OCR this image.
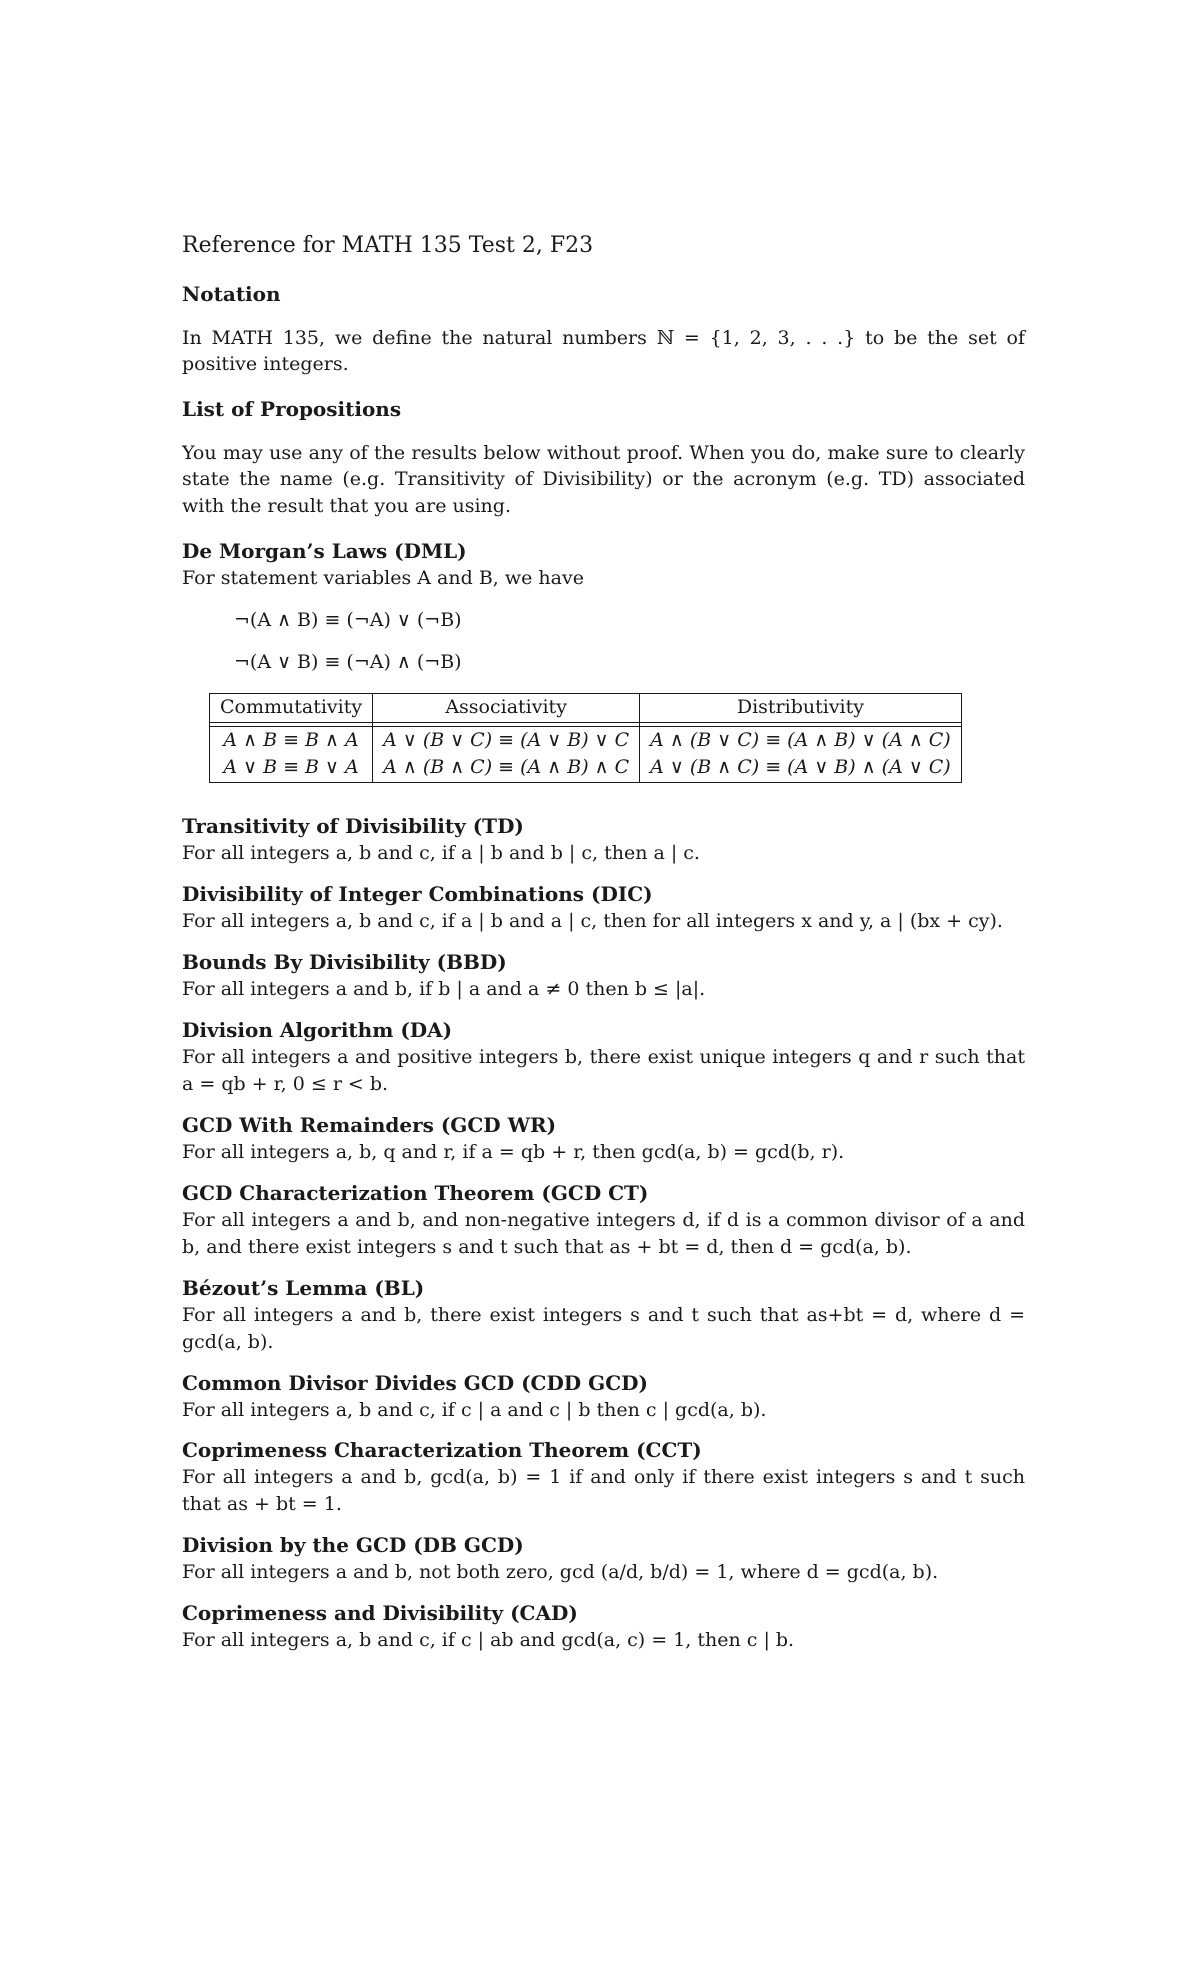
Reference for MATH 135 Test 2, F23
Notation
In MATH 135, we define the natural numbers ℕ = {1, 2, 3, . . .} to be the set of positive integers.
List of Propositions
You may use any of the results below without proof. When you do, make sure to clearly state the name (e.g. Transitivity of Divisibility) or the acronym (e.g. TD) associated with the result that you are using.
De Morgan’s Laws (DML)
For statement variables A and B, we have
¬(A ∧ B) ≡ (¬A) ∨ (¬B)
¬(A ∨ B) ≡ (¬A) ∧ (¬B)
Commutativity	Associativity	Distributivity

A ∧ B ≡ B ∧ A	A ∨ (B ∨ C) ≡ (A ∨ B) ∨ C	A ∧ (B ∨ C) ≡ (A ∧ B) ∨ (A ∧ C)
A ∨ B ≡ B ∨ A	A ∧ (B ∧ C) ≡ (A ∧ B) ∧ C	A ∨ (B ∧ C) ≡ (A ∨ B) ∧ (A ∨ C)
Transitivity of Divisibility (TD)
For all integers a, b and c, if a | b and b | c, then a | c.
Divisibility of Integer Combinations (DIC)
For all integers a, b and c, if a | b and a | c, then for all integers x and y, a | (bx + cy).
Bounds By Divisibility (BBD)
For all integers a and b, if b | a and a ≠ 0 then b ≤ |a|.
Division Algorithm (DA)
For all integers a and positive integers b, there exist unique integers q and r such that a = qb + r, 0 ≤ r < b.
GCD With Remainders (GCD WR)
For all integers a, b, q and r, if a = qb + r, then gcd(a, b) = gcd(b, r).
GCD Characterization Theorem (GCD CT)
For all integers a and b, and non-negative integers d, if d is a common divisor of a and b, and there exist integers s and t such that as + bt = d, then d = gcd(a, b).
Bézout’s Lemma (BL)
For all integers a and b, there exist integers s and t such that as+bt = d, where d = gcd(a, b).
Common Divisor Divides GCD (CDD GCD)
For all integers a, b and c, if c | a and c | b then c | gcd(a, b).
Coprimeness Characterization Theorem (CCT)
For all integers a and b, gcd(a, b) = 1 if and only if there exist integers s and t such that as + bt = 1.
Division by the GCD (DB GCD)
For all integers a and b, not both zero, gcd (a/d, b/d) = 1, where d = gcd(a, b).
Coprimeness and Divisibility (CAD)
For all integers a, b and c, if c | ab and gcd(a, c) = 1, then c | b.
